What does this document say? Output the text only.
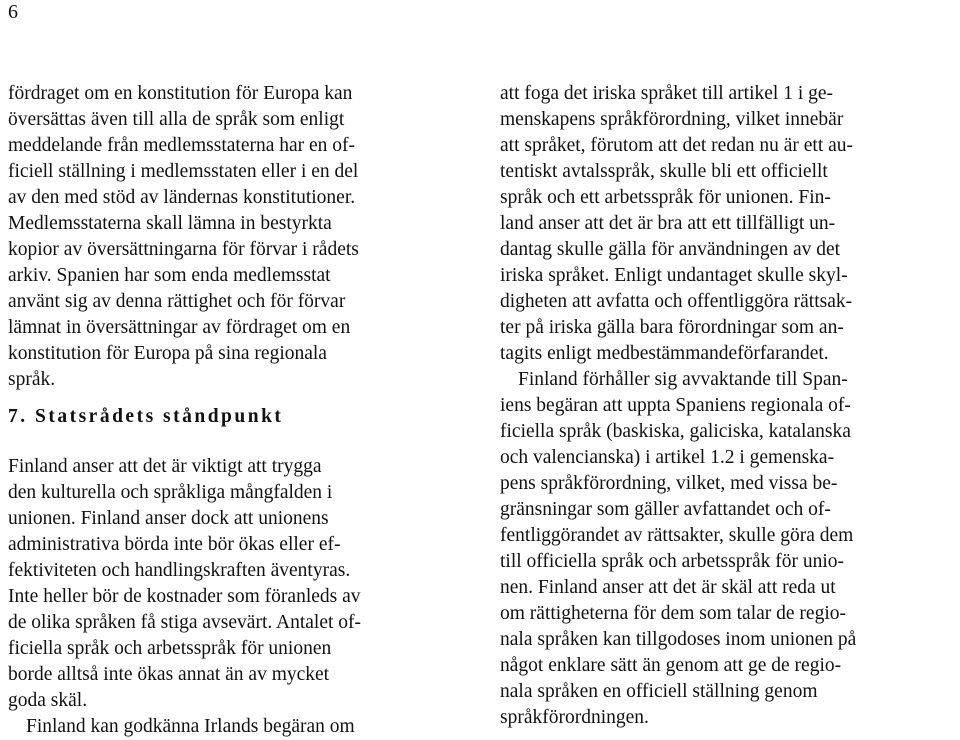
6

fördraget om en konstitution för Europa kan
översättas även till alla de språk som enligt
meddelande från medlemsstaterna har en of-
ficiell ställning i medlemsstaten eller i en del
av den med stöd av ländernas konstitutioner.
Medlemsstaterna skall lämna in bestyrkta
kopior av översättningarna för förvar i rådets
arkiv. Spanien har som enda medlemsstat
använt sig av denna rättighet och för förvar
lämnat in översättningar av fördraget om en
konstitution för Europa på sina regionala
språk.

7. Statsrådets ståndpunkt

Finland anser att det är viktigt att trygga
den kulturella och språkliga mångfalden i
unionen. Finland anser dock att unionens
administrativa börda inte bör ökas eller ef-
fektiviteten och handlingskraften äventyras.
Inte heller bör de kostnader som föranleds av
de olika språken få stiga avsevärt. Antalet of-
ficiella språk och arbetsspråk för unionen
borde alltså inte ökas annat än av mycket
goda skäl.

Finland kan godkänna Irlands begäran om

att foga det iriska språket till artikel 1 i ge-
menskapens språkförordning, vilket innebär
att språket, förutom att det redan nu är ett au-
tentiskt avtalsspråk, skulle bli ett officiellt
språk och ett arbetsspråk för unionen. Fin-
land anser att det är bra att ett tillfälligt un-
dantag skulle gälla för användningen av det
iriska språket. Enligt undantaget skulle skyl-
digheten att avfatta och offentliggöra rättsak-
ter på iriska gälla bara förordningar som an-
tagits enligt medbestämmandeförfarandet.

Finland förhåller sig avvaktande till Span-
iens begäran att uppta Spaniens regionala of-
ficiella språk (baskiska, galiciska, katalanska
och valencianska) i artikel 1.2 i gemenska-
pens språkförordning, vilket, med vissa be-
gränsningar som gäller avfattandet och of-
fentliggörandet av rättsakter, skulle göra dem
till officiella språk och arbetsspråk för unio-
nen. Finland anser att det är skäl att reda ut
om rättigheterna för dem som talar de regio-
nala språken kan tillgodoses inom unionen på
något enklare sätt än genom att ge de regio-
nala språken en officiell ställning genom
språkförordningen.
